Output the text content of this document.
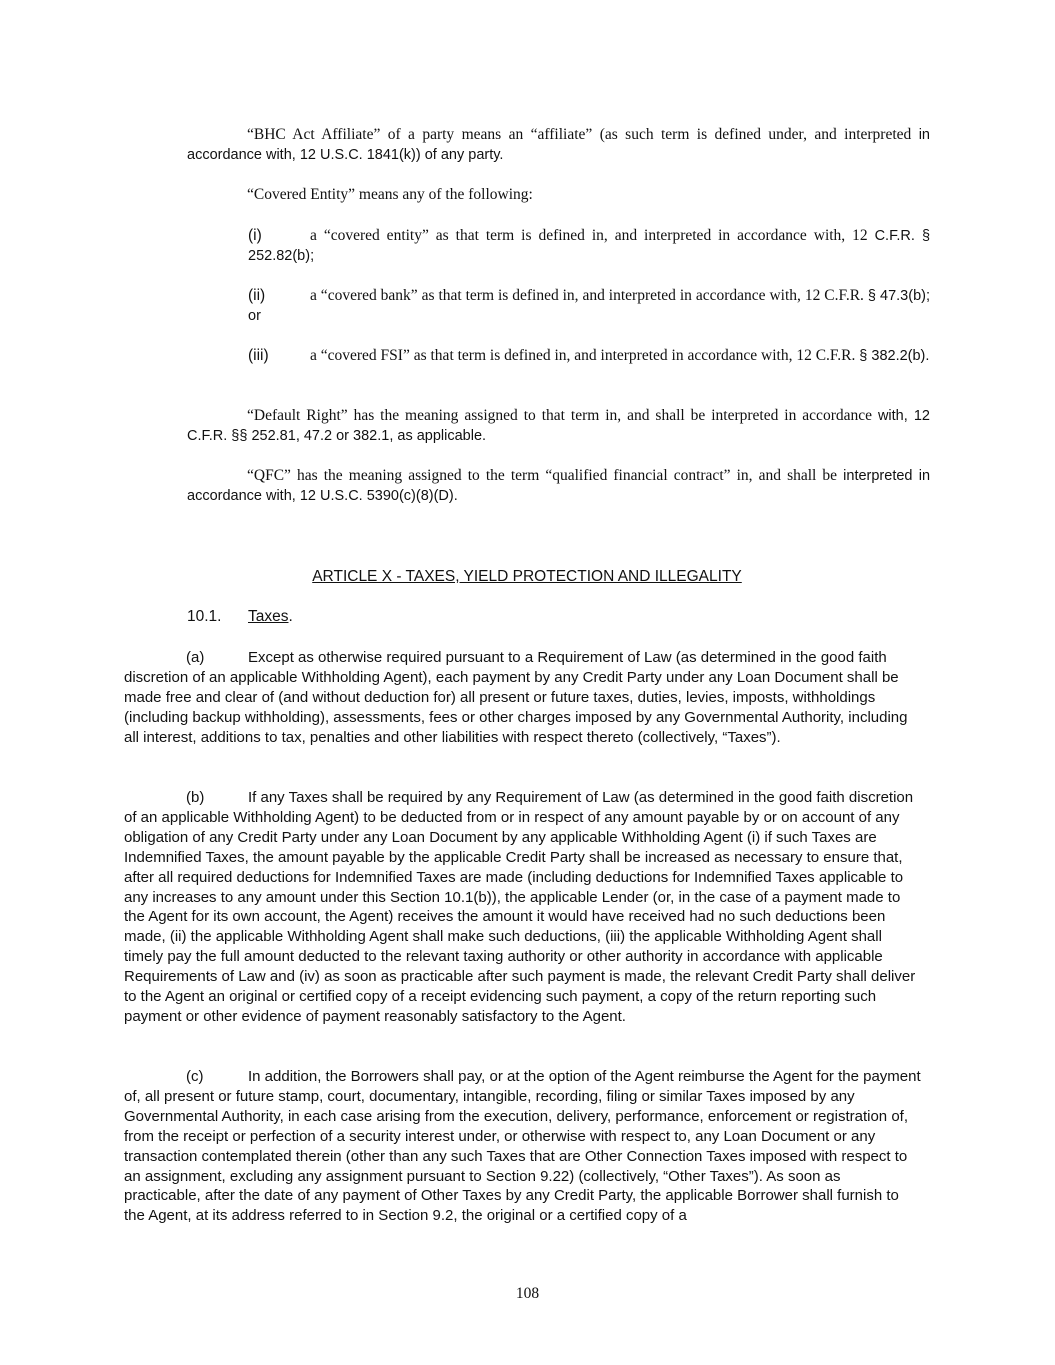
“BHC Act Affiliate” of a party means an “affiliate” (as such term is defined under, and interpreted in accordance with, 12 U.S.C. 1841(k)) of any party.
“Covered Entity” means any of the following:
(i)	a “covered entity” as that term is defined in, and interpreted in accordance with, 12 C.F.R. § 252.82(b);
(ii)	a “covered bank” as that term is defined in, and interpreted in accordance with, 12 C.F.R. § 47.3(b); or
(iii)	a “covered FSI” as that term is defined in, and interpreted in accordance with, 12 C.F.R. § 382.2(b).
“Default Right” has the meaning assigned to that term in, and shall be interpreted in accordance with, 12 C.F.R. §§ 252.81, 47.2 or 382.1, as applicable.
“QFC” has the meaning assigned to the term “qualified financial contract” in, and shall be interpreted in accordance with, 12 U.S.C. 5390(c)(8)(D).
ARTICLE X - TAXES, YIELD PROTECTION AND ILLEGALITY
10.1. Taxes.
(a)	Except as otherwise required pursuant to a Requirement of Law (as determined in the good faith discretion of an applicable Withholding Agent), each payment by any Credit Party under any Loan Document shall be made free and clear of (and without deduction for) all present or future taxes, duties, levies, imposts, withholdings (including backup withholding), assessments, fees or other charges imposed by any Governmental Authority, including all interest, additions to tax, penalties and other liabilities with respect thereto (collectively, “Taxes”).
(b)	If any Taxes shall be required by any Requirement of Law (as determined in the good faith discretion of an applicable Withholding Agent) to be deducted from or in respect of any amount payable by or on account of any obligation of any Credit Party under any Loan Document by any applicable Withholding Agent (i) if such Taxes are Indemnified Taxes, the amount payable by the applicable Credit Party shall be increased as necessary to ensure that, after all required deductions for Indemnified Taxes are made (including deductions for Indemnified Taxes applicable to any increases to any amount under this Section 10.1(b)), the applicable Lender (or, in the case of a payment made to the Agent for its own account, the Agent) receives the amount it would have received had no such deductions been made, (ii) the applicable Withholding Agent shall make such deductions, (iii) the applicable Withholding Agent shall timely pay the full amount deducted to the relevant taxing authority or other authority in accordance with applicable Requirements of Law and (iv) as soon as practicable after such payment is made, the relevant Credit Party shall deliver to the Agent an original or certified copy of a receipt evidencing such payment, a copy of the return reporting such payment or other evidence of payment reasonably satisfactory to the Agent.
(c)	In addition, the Borrowers shall pay, or at the option of the Agent reimburse the Agent for the payment of, all present or future stamp, court, documentary, intangible, recording, filing or similar Taxes imposed by any Governmental Authority, in each case arising from the execution, delivery, performance, enforcement or registration of, from the receipt or perfection of a security interest under, or otherwise with respect to, any Loan Document or any transaction contemplated therein (other than any such Taxes that are Other Connection Taxes imposed with respect to an assignment, excluding any assignment pursuant to Section 9.22) (collectively, “Other Taxes”). As soon as practicable, after the date of any payment of Other Taxes by any Credit Party, the applicable Borrower shall furnish to the Agent, at its address referred to in Section 9.2, the original or a certified copy of a
108
